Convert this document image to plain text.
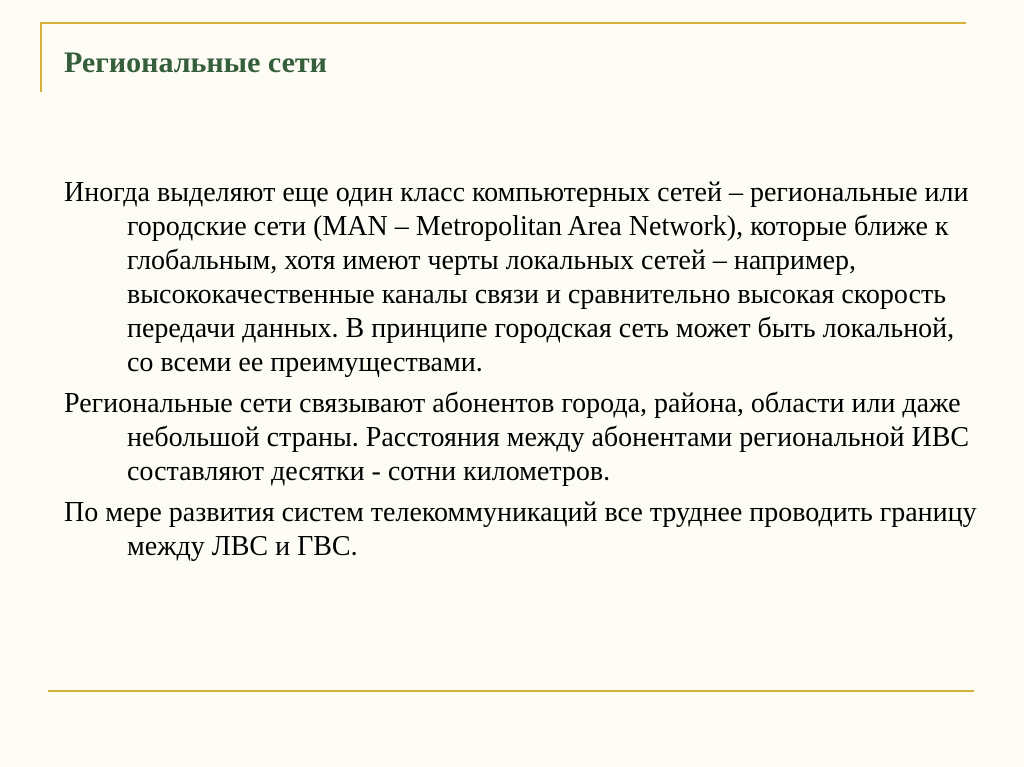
Региональные сети
Иногда выделяют еще один класс компьютерных сетей – региональные или городские сети (MAN – Metropolitan Area Network), которые ближе к глобальным, хотя имеют черты локальных сетей – например, высококачественные каналы связи и сравнительно высокая скорость передачи данных. В принципе городская сеть может быть локальной, со всеми ее преимуществами.
Региональные сети связывают абонентов города, района, области или даже небольшой страны. Расстояния между абонентами региональной ИВС составляют десятки - сотни километров.
По мере развития систем телекоммуникаций все труднее проводить границу между ЛВС и ГВС.
